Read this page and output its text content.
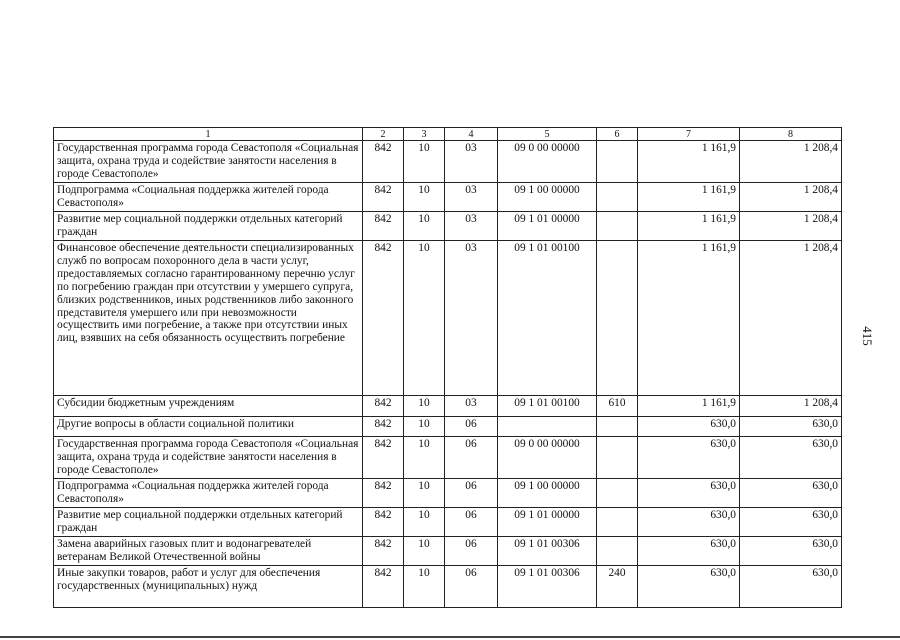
1	2	3	4	5	6	7	8
Государственная программа города Севастополя «Социальная защита, охрана труда и содействие занятости населения в городе Севастополе»	842	10	03	09 0 00 00000		1 161,9	1 208,4
Подпрограмма «Социальная поддержка жителей города Севастополя»	842	10	03	09 1 00 00000		1 161,9	1 208,4
Развитие мер социальной поддержки отдельных категорий граждан	842	10	03	09 1 01 00000		1 161,9	1 208,4
Финансовое обеспечение деятельности специализированных служб по вопросам похоронного дела в части услуг, предоставляемых согласно гарантированному перечню услуг по погребению граждан при отсутствии у умершего супруга, близких родственников, иных родственников либо законного представителя умершего или при невозможности осуществить ими погребение, а также при отсутствии иных лиц, взявших на себя обязанность осуществить погребение	842	10	03	09 1 01 00100		1 161,9	1 208,4
Субсидии бюджетным учреждениям	842	10	03	09 1 01 00100	610	1 161,9	1 208,4
Другие вопросы в области социальной политики	842	10	06			630,0	630,0
Государственная программа города Севастополя «Социальная защита, охрана труда и содействие занятости населения в городе Севастополе»	842	10	06	09 0 00 00000		630,0	630,0
Подпрограмма «Социальная поддержка жителей города Севастополя»	842	10	06	09 1 00 00000		630,0	630,0
Развитие мер социальной поддержки отдельных категорий граждан	842	10	06	09 1 01 00000		630,0	630,0
Замена аварийных газовых плит и водонагревателей ветеранам Великой Отечественной войны	842	10	06	09 1 01 00306		630,0	630,0
Иные закупки товаров, работ и услуг для обеспечения государственных (муниципальных) нужд	842	10	06	09 1 01 00306	240	630,0	630,0
415
